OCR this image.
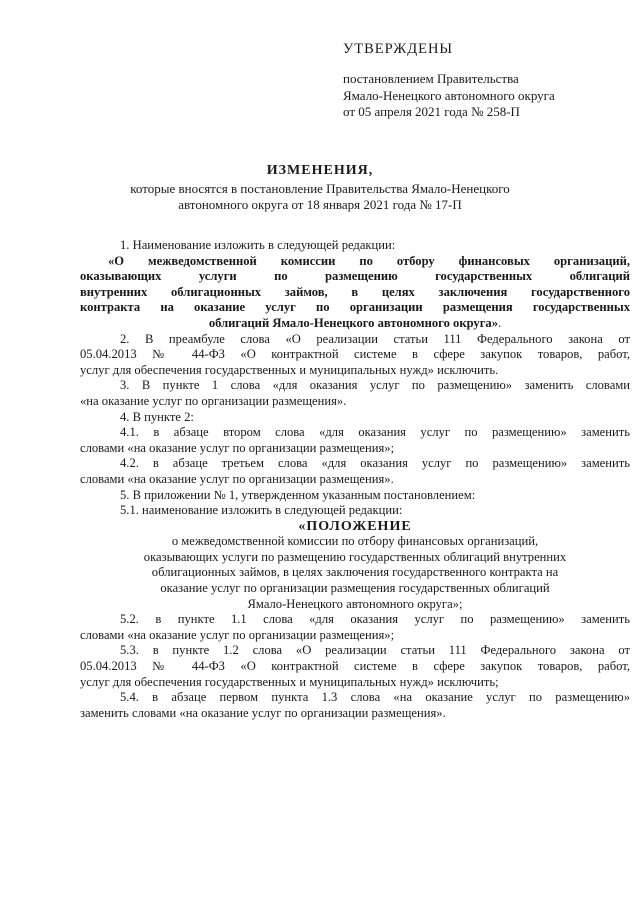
УТВЕРЖДЕНЫ
постановлением Правительства
Ямало-Ненецкого автономного округа
от 05 апреля 2021 года № 258-П
ИЗМЕНЕНИЯ,
которые вносятся в постановление Правительства Ямало-Ненецкого
автономного округа от 18 января 2021 года № 17-П
1. Наименование изложить в следующей редакции:
«О межведомственной комиссии по отбору финансовых организаций,
оказывающих услуги по размещению государственных облигаций
внутренних облигационных займов, в целях заключения государственного
контракта на оказание услуг по организации размещения государственных
облигаций Ямало-Ненецкого автономного округа».
2. В преамбуле слова «О реализации статьи 111 Федерального закона от
05.04.2013 № 44-ФЗ «О контрактной системе в сфере закупок товаров, работ,
услуг для обеспечения государственных и муниципальных нужд» исключить.
3. В пункте 1 слова «для оказания услуг по размещению» заменить словами
«на оказание услуг по организации размещения».
4. В пункте 2:
4.1. в абзаце втором слова «для оказания услуг по размещению» заменить
словами «на оказание услуг по организации размещения»;
4.2. в абзаце третьем слова «для оказания услуг по размещению» заменить
словами «на оказание услуг по организации размещения».
5. В приложении № 1, утвержденном указанным постановлением:
5.1. наименование изложить в следующей редакции:
«ПОЛОЖЕНИЕ
о межведомственной комиссии по отбору финансовых организаций,
оказывающих услуги по размещению государственных облигаций внутренних
облигационных займов, в целях заключения государственного контракта на
оказание услуг по организации размещения государственных облигаций
Ямало-Ненецкого автономного округа»;
5.2. в пункте 1.1 слова «для оказания услуг по размещению» заменить
словами «на оказание услуг по организации размещения»;
5.3. в пункте 1.2 слова «О реализации статьи 111 Федерального закона от
05.04.2013 № 44-ФЗ «О контрактной системе в сфере закупок товаров, работ,
услуг для обеспечения государственных и муниципальных нужд» исключить;
5.4. в абзаце первом пункта 1.3 слова «на оказание услуг по размещению»
заменить словами «на оказание услуг по организации размещения».
